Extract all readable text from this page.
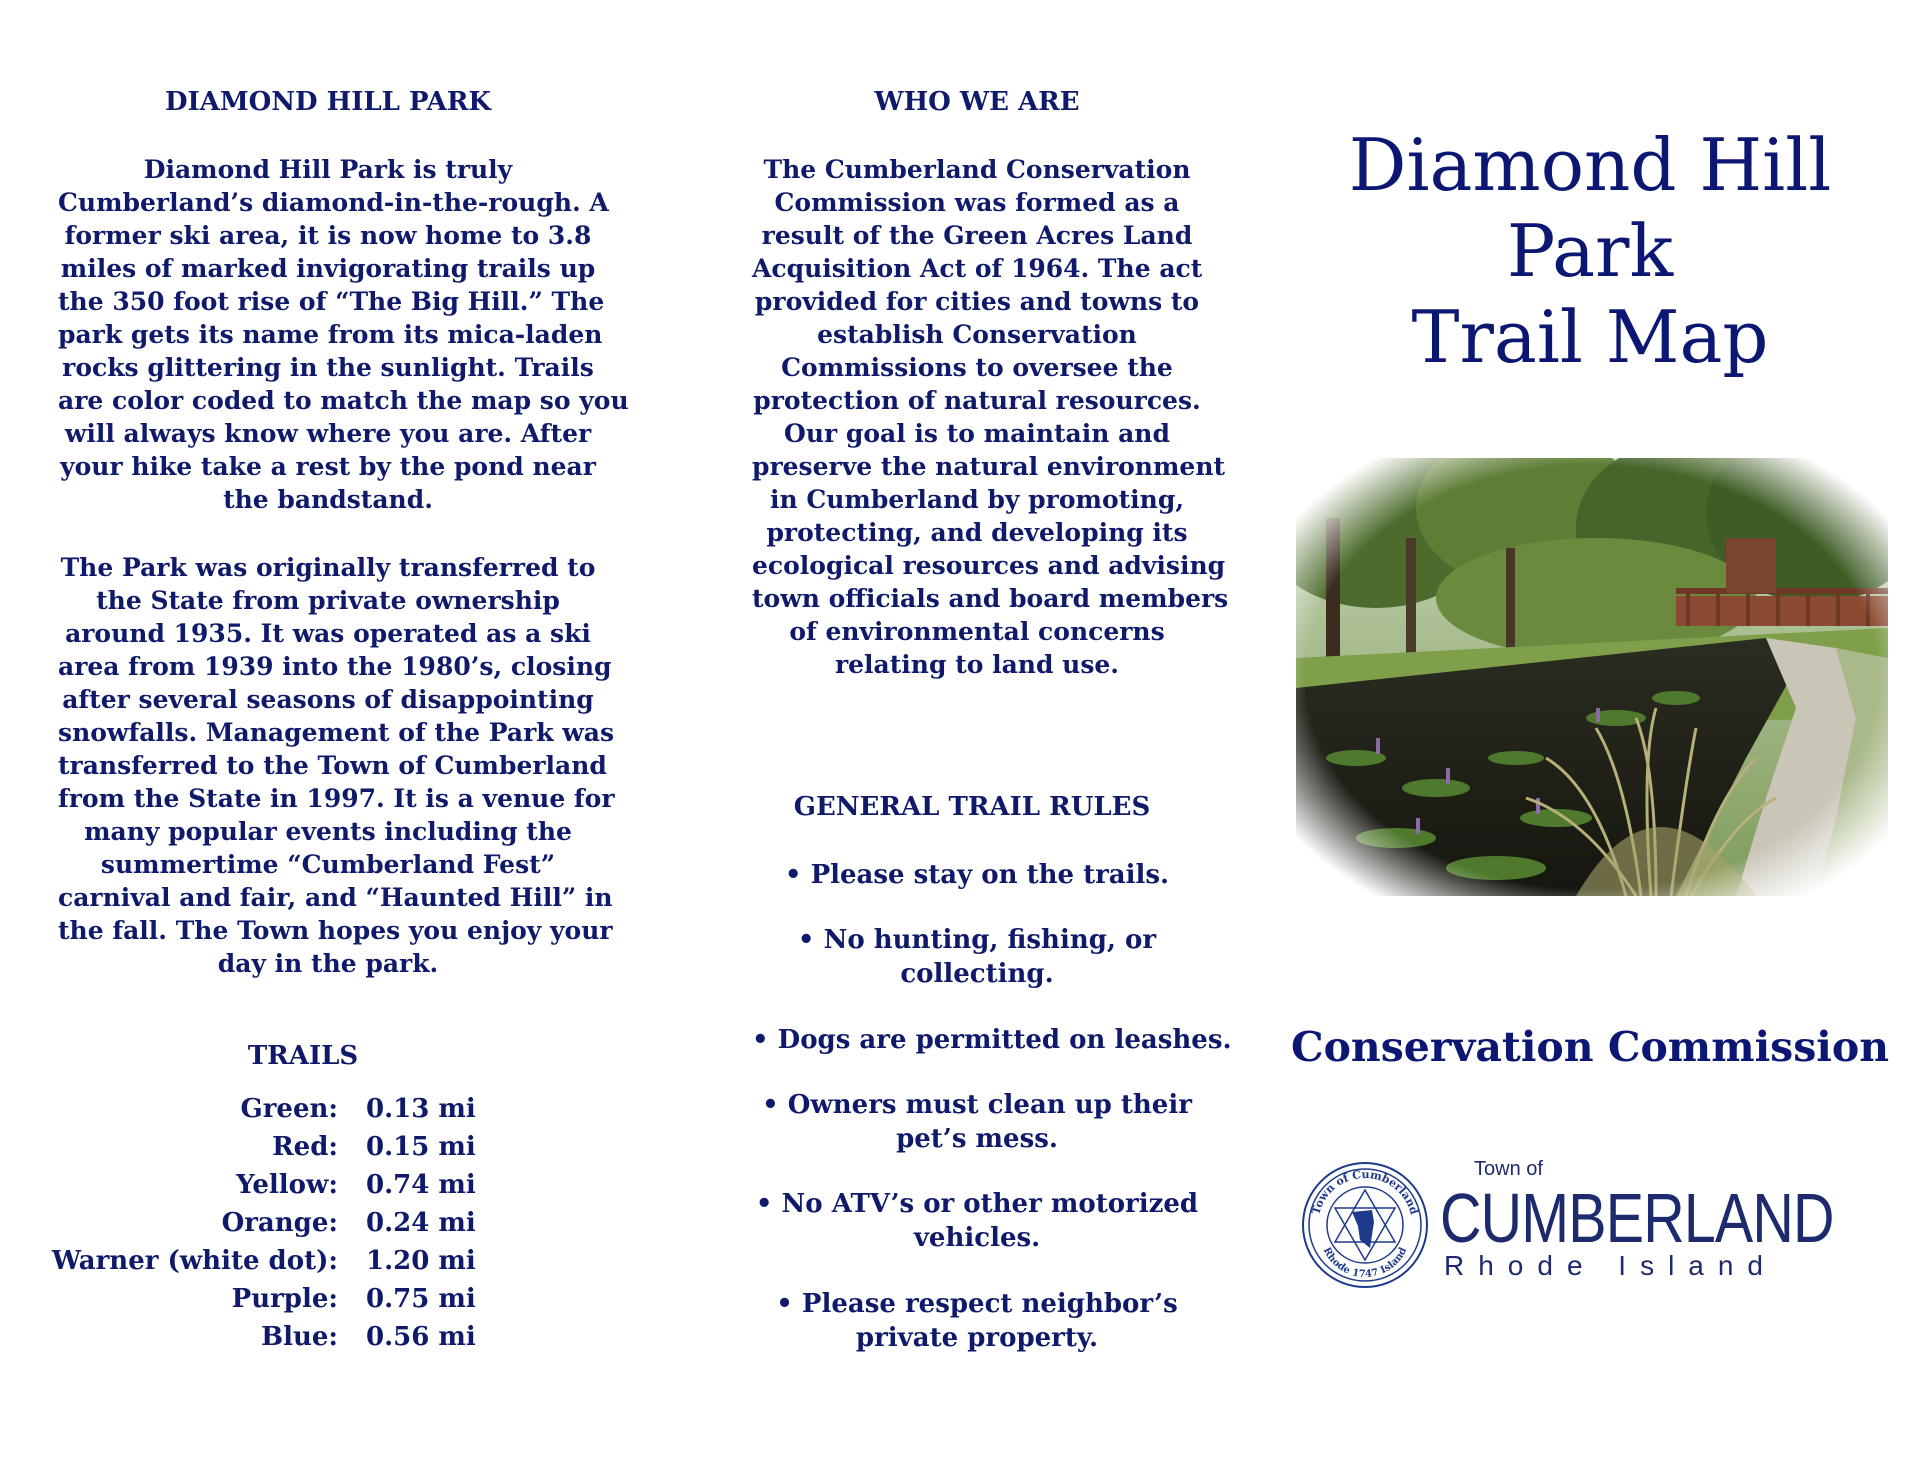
DIAMOND HILL PARK
Diamond Hill Park is truly
Cumberland’s diamond-in-the-rough. A
former ski area, it is now home to 3.8
miles of marked invigorating trails up
the 350 foot rise of “The Big Hill.” The
park gets its name from its mica-laden
rocks glittering in the sunlight. Trails
are color coded to match the map so you
will always know where you are. After
your hike take a rest by the pond near
the bandstand.
The Park was originally transferred to
the State from private ownership
around 1935. It was operated as a ski
area from 1939 into the 1980’s, closing
after several seasons of disappointing
snowfalls. Management of the Park was
transferred to the Town of Cumberland
from the State in 1997. It is a venue for
many popular events including the
summertime “Cumberland Fest”
carnival and fair, and “Haunted Hill” in
the fall. The Town hopes you enjoy your
day in the park.
TRAILS
Green: 0.13 mi
Red: 0.15 mi
Yellow: 0.74 mi
Orange: 0.24 mi
Warner (white dot): 1.20 mi
Purple: 0.75 mi
Blue: 0.56 mi
WHO WE ARE
The Cumberland Conservation
Commission was formed as a
result of the Green Acres Land
Acquisition Act of 1964. The act
provided for cities and towns to
establish Conservation
Commissions to oversee the
protection of natural resources.
Our goal is to maintain and
preserve the natural environment
in Cumberland by promoting,
protecting, and developing its
ecological resources and advising
town officials and board members
of environmental concerns
relating to land use.
GENERAL TRAIL RULES
• Please stay on the trails.
• No hunting, fishing, or
collecting.
• Dogs are permitted on leashes.
• Owners must clean up their
pet’s mess.
• No ATV’s or other motorized
vehicles.
• Please respect neighbor’s
private property.
Diamond Hill
Park
Trail Map
Conservation Commission
Town of Cumberland
Rhode 1747 Island
Town of
CUMBERLAND
Rhode Island
